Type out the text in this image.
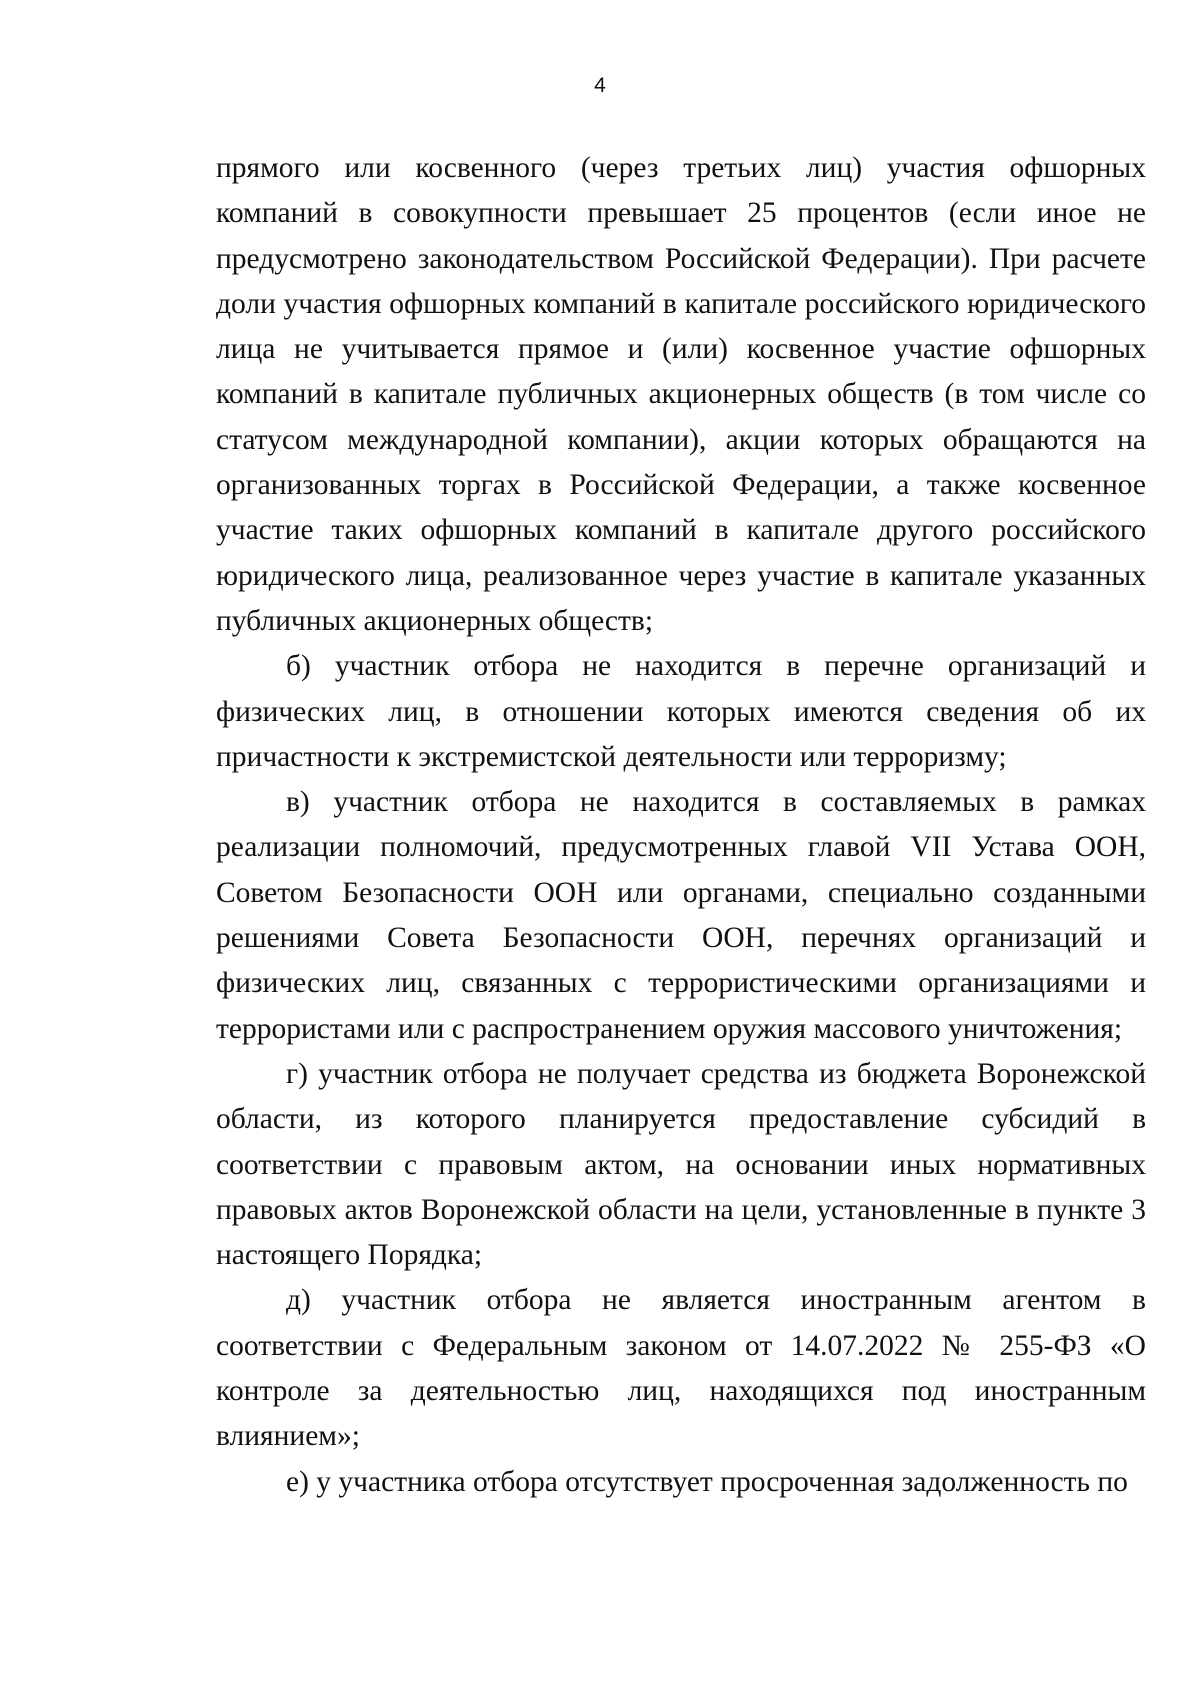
4

прямого или косвенного (через третьих лиц) участия офшорных компаний в совокупности превышает 25 процентов (если иное не предусмотрено законодательством Российской Федерации). При расчете доли участия офшорных компаний в капитале российского юридического лица не учитывается прямое и (или) косвенное участие офшорных компаний в капитале публичных акционерных обществ (в том числе со статусом международной компании), акции которых обращаются на организованных торгах в Российской Федерации, а также косвенное участие таких офшорных компаний в капитале другого российского юридического лица, реализованное через участие в капитале указанных публичных акционерных обществ;

б) участник отбора не находится в перечне организаций и физических лиц, в отношении которых имеются сведения об их причастности к экстремистской деятельности или терроризму;

в) участник отбора не находится в составляемых в рамках реализации полномочий, предусмотренных главой VII Устава ООН, Советом Безопасности ООН или органами, специально созданными решениями Совета Безопасности ООН, перечнях организаций и физических лиц, связанных с террористическими организациями и террористами или с распространением оружия массового уничтожения;

г) участник отбора не получает средства из бюджета Воронежской области, из которого планируется предоставление субсидий в соответствии с правовым актом, на основании иных нормативных правовых актов Воронежской области на цели, установленные в пункте 3 настоящего Порядка;

д) участник отбора не является иностранным агентом в соответствии с Федеральным законом от 14.07.2022 № 255-ФЗ «О контроле за деятельностью лиц, находящихся под иностранным влиянием»;

е) у участника отбора отсутствует просроченная задолженность по
